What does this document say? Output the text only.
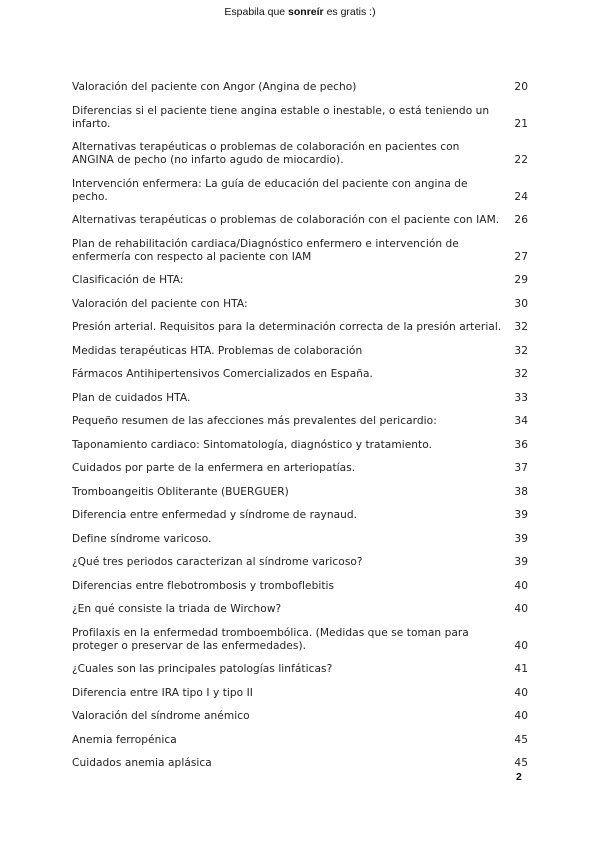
Espabila que sonreír es gratis :)
Valoración del paciente con Angor (Angina de pecho)	20
Diferencias si el paciente tiene angina estable o inestable, o está teniendo un infarto.	21
Alternativas terapéuticas o problemas de colaboración en pacientes con ANGINA de pecho (no infarto agudo de miocardio).	22
Intervención enfermera: La guía de educación del paciente con angina de pecho.	24
Alternativas terapéuticas o problemas de colaboración con el paciente con IAM.	26
Plan de rehabilitación cardiaca/Diagnóstico enfermero e intervención de enfermería con respecto al paciente con IAM	27
Clasificación de HTA:	29
Valoración del paciente con HTA:	30
Presión arterial. Requisitos para la determinación correcta de la presión arterial.	32
Medidas terapéuticas HTA. Problemas de colaboración	32
Fármacos Antihipertensivos Comercializados en España.	32
Plan de cuidados HTA.	33
Pequeño resumen de las afecciones más prevalentes del pericardio:	34
Taponamiento cardiaco: Sintomatología, diagnóstico y tratamiento.	36
Cuidados por parte de la enfermera en arteriopatías.	37
Tromboangeitis Obliterante (BUERGUER)	38
Diferencia entre enfermedad y síndrome de raynaud.	39
Define síndrome varicoso.	39
¿Qué tres periodos caracterizan al síndrome varicoso?	39
Diferencias entre flebotrombosis y tromboflebitis	40
¿En qué consiste la triada de Wirchow?	40
Profilaxis en la enfermedad tromboembólica. (Medidas que se toman para proteger o preservar de las enfermedades).	40
¿Cuales son las principales patologías linfáticas?	41
Diferencia entre IRA tipo I y tipo II	40
Valoración del síndrome anémico	40
Anemia ferropénica	45
Cuidados anemia aplásica	45
2
